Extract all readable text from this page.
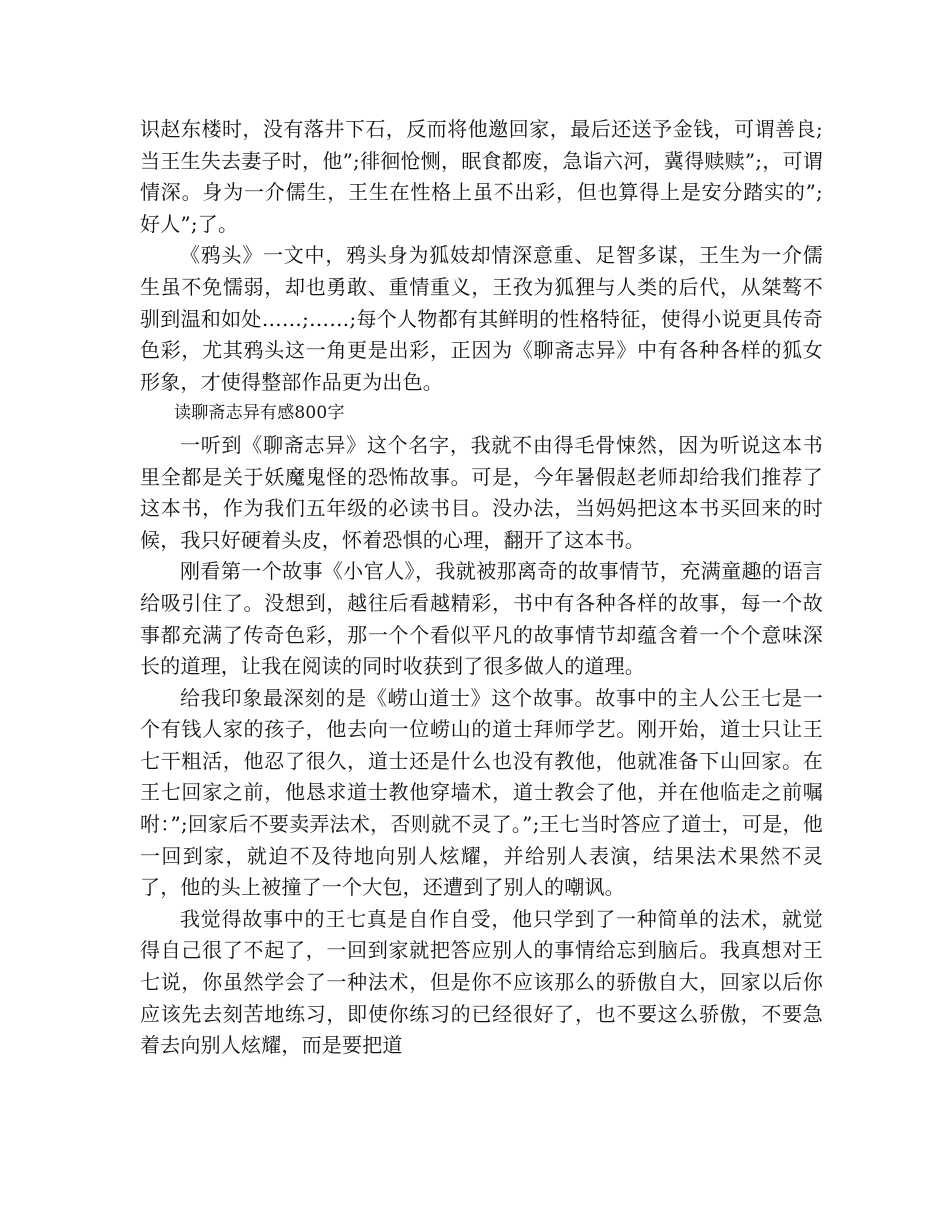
识赵东楼时，没有落井下石，反而将他邀回家，最后还送予金钱，可谓善良;当王生失去妻子时，他”;徘徊怆恻，眠食都废，急诣六河，冀得赎赎”;，可谓情深。身为一介儒生，王生在性格上虽不出彩，但也算得上是安分踏实的”;好人”;了。

《鸦头》一文中，鸦头身为狐妓却情深意重、足智多谋，王生为一介儒生虽不免懦弱，却也勇敢、重情重义，王孜为狐狸与人类的后代，从桀骜不驯到温和如处……;……;每个人物都有其鲜明的性格特征，使得小说更具传奇色彩，尤其鸦头这一角更是出彩，正因为《聊斋志异》中有各种各样的狐女形象，才使得整部作品更为出色。

读聊斋志异有感800字

一听到《聊斋志异》这个名字，我就不由得毛骨悚然，因为听说这本书里全都是关于妖魔鬼怪的恐怖故事。可是，今年暑假赵老师却给我们推荐了这本书，作为我们五年级的必读书目。没办法，当妈妈把这本书买回来的时候，我只好硬着头皮，怀着恐惧的心理，翻开了这本书。

刚看第一个故事《小官人》，我就被那离奇的故事情节，充满童趣的语言给吸引住了。没想到，越往后看越精彩，书中有各种各样的故事，每一个故事都充满了传奇色彩，那一个个看似平凡的故事情节却蕴含着一个个意味深长的道理，让我在阅读的同时收获到了很多做人的道理。

给我印象最深刻的是《崂山道士》这个故事。故事中的主人公王七是一个有钱人家的孩子，他去向一位崂山的道士拜师学艺。刚开始，道士只让王七干粗活，他忍了很久，道士还是什么也没有教他，他就准备下山回家。在王七回家之前，他恳求道士教他穿墙术，道士教会了他，并在他临走之前嘱咐：”;回家后不要卖弄法术，否则就不灵了。”;王七当时答应了道士，可是，他一回到家，就迫不及待地向别人炫耀，并给别人表演，结果法术果然不灵了，他的头上被撞了一个大包，还遭到了别人的嘲讽。

我觉得故事中的王七真是自作自受，他只学到了一种简单的法术，就觉得自己很了不起了，一回到家就把答应别人的事情给忘到脑后。我真想对王七说，你虽然学会了一种法术，但是你不应该那么的骄傲自大，回家以后你应该先去刻苦地练习，即使你练习的已经很好了，也不要这么骄傲，不要急着去向别人炫耀，而是要把道
